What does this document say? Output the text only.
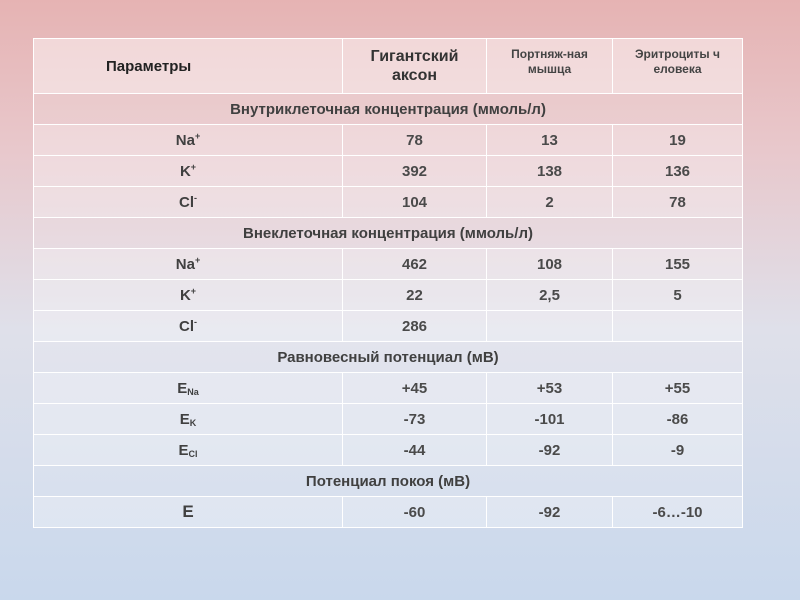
Параметры	Гигантский аксон	Портняж-ная мышца	Эритроциты человека

Внутриклеточная концентрация (ммоль/л)			
Na+	78	13	19
K+	392	138	136
Cl-	104	2	78
Внеклеточная концентрация (ммоль/л)			
Na+	462	108	155
K+	22	2,5	5
Cl-	286		
Равновесный потенциал (мВ)			
$E_{Na}$	+45	+53	+55
$E_K$	-73	-101	-86
$E_{Cl}$	-44	-92	-9
Потенциал покоя (мВ)			
E	-60	-92	-6…-10
